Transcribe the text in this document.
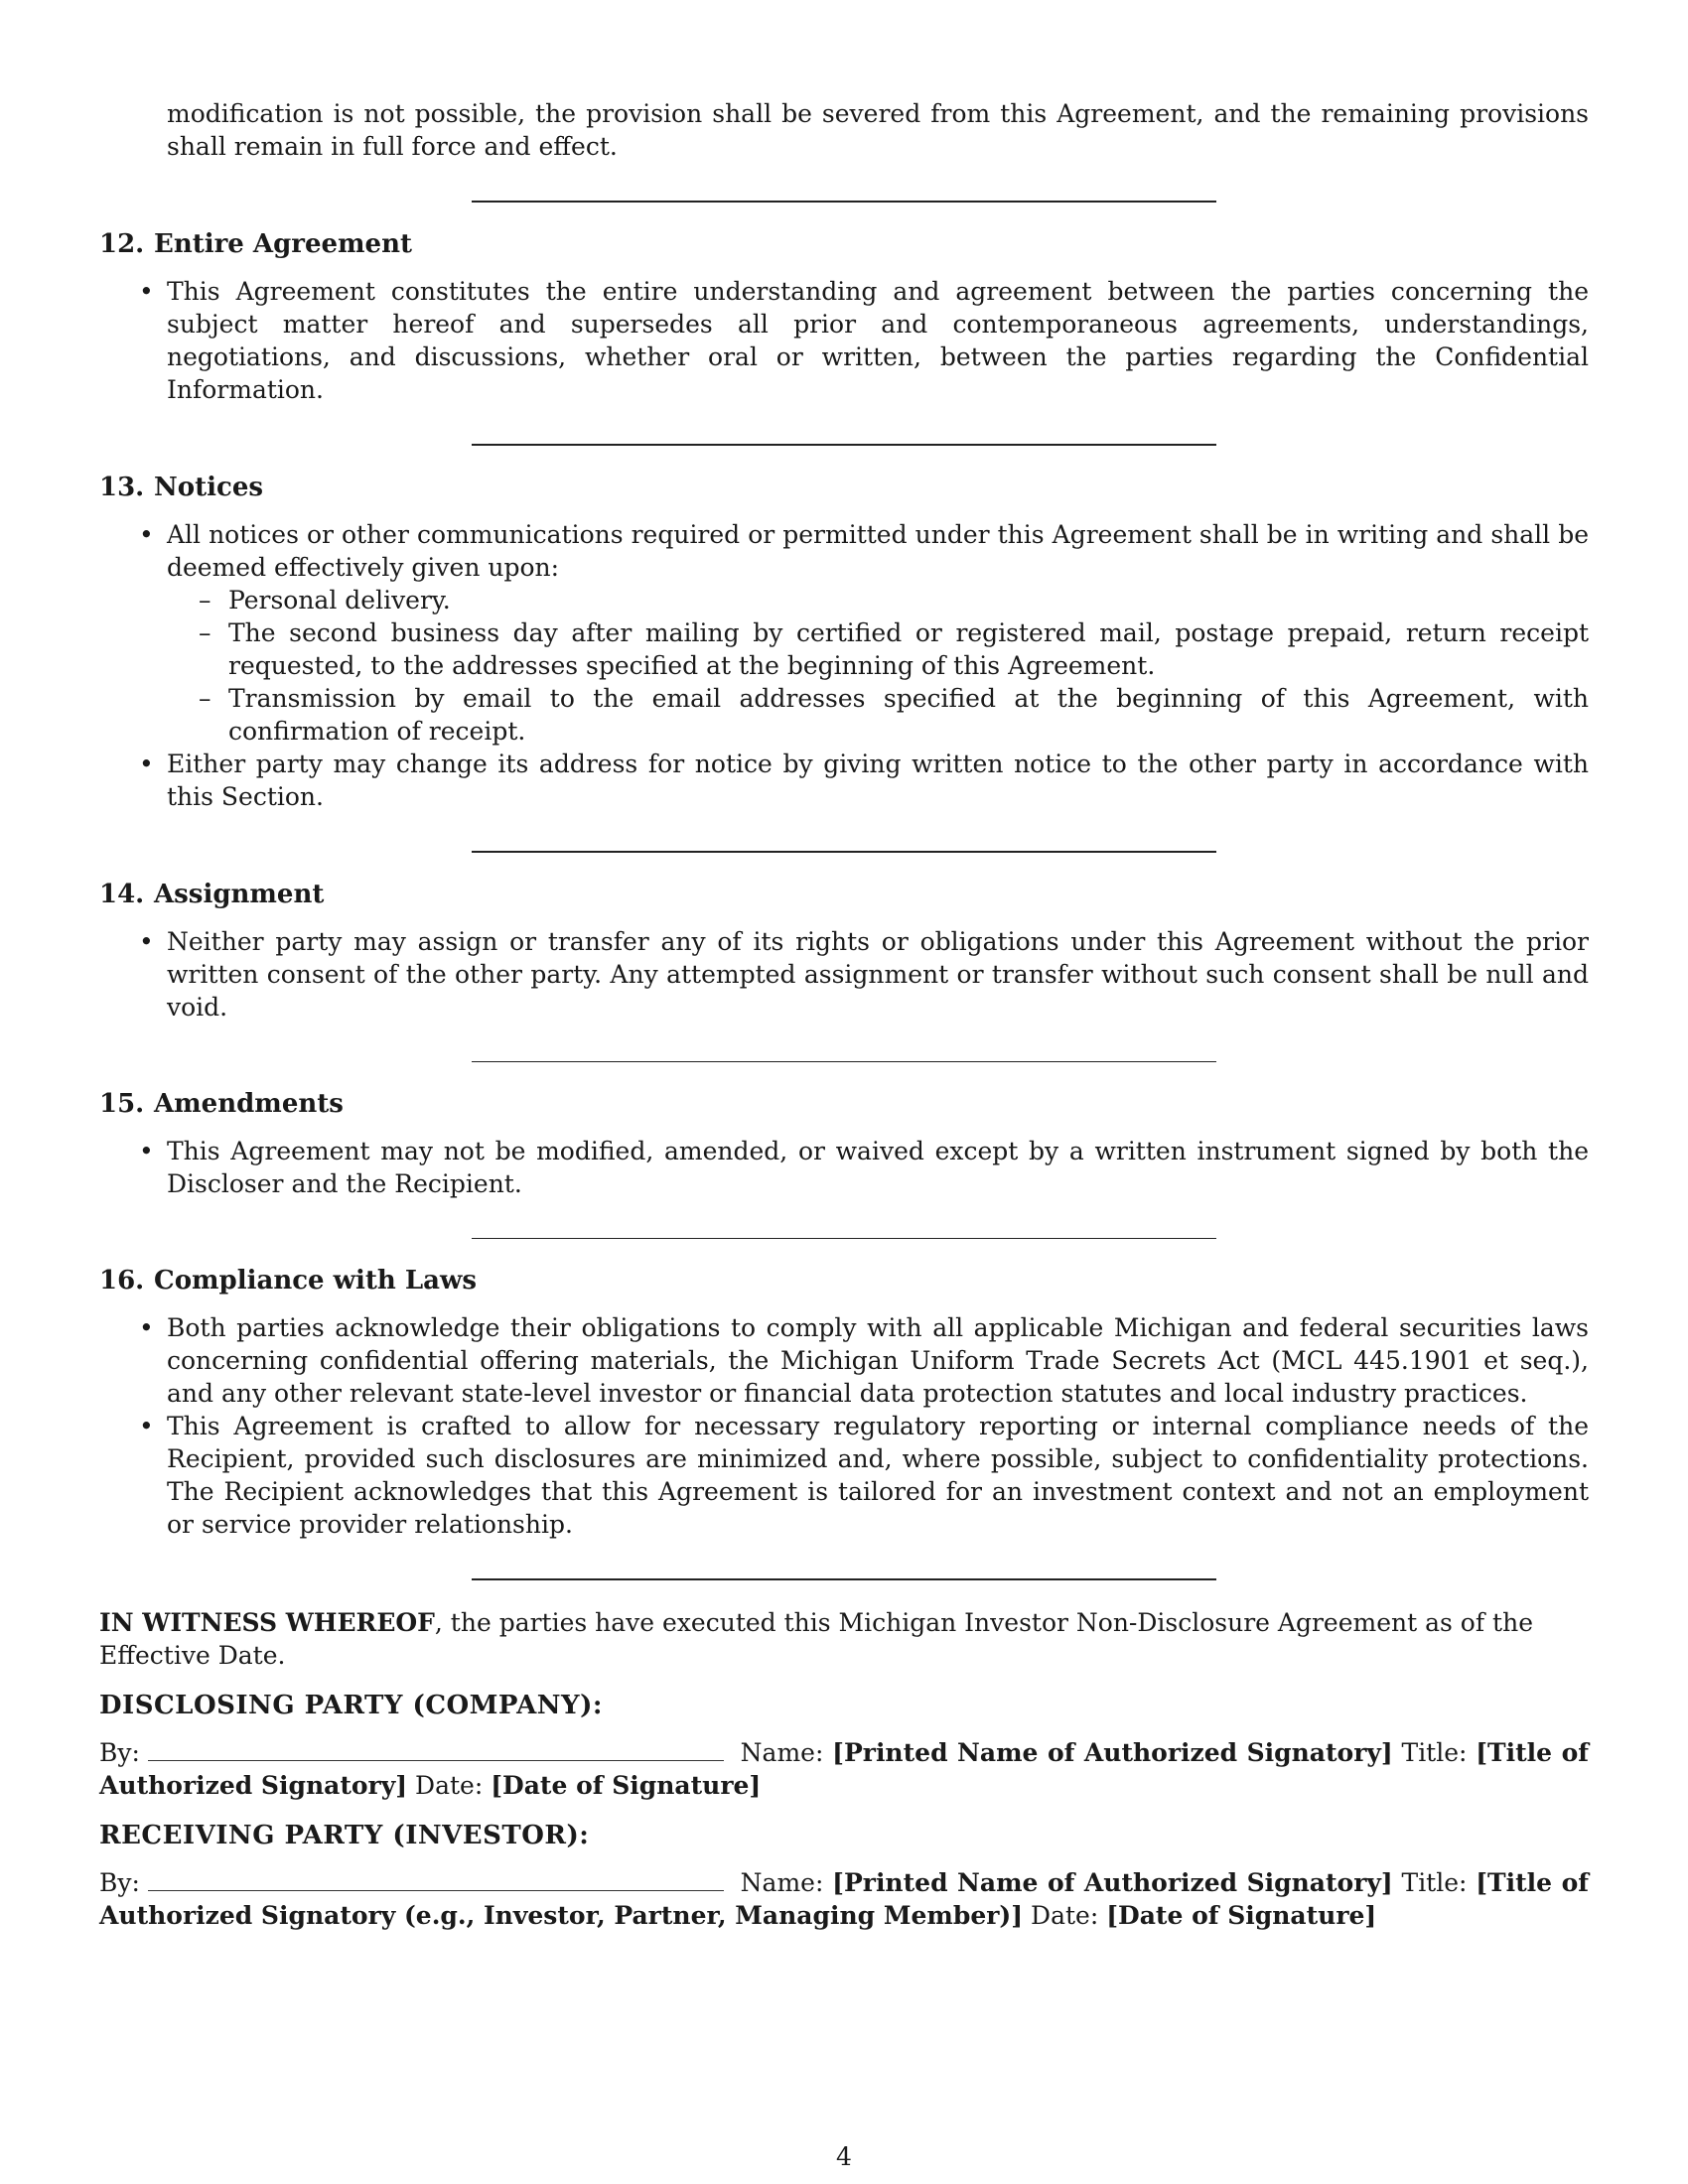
modification is not possible, the provision shall be severed from this Agreement, and the remaining provisions shall remain in full force and effect.
12. Entire Agreement
• This Agreement constitutes the entire understanding and agreement between the parties concerning the subject matter hereof and supersedes all prior and contemporaneous agreements, understandings, negotiations, and discussions, whether oral or written, between the parties regarding the Confidential Information.
13. Notices
• All notices or other communications required or permitted under this Agreement shall be in writing and shall be deemed effectively given upon:
– Personal delivery.
– The second business day after mailing by certified or registered mail, postage prepaid, return receipt requested, to the addresses specified at the beginning of this Agreement.
– Transmission by email to the email addresses specified at the beginning of this Agreement, with confirmation of receipt.
• Either party may change its address for notice by giving written notice to the other party in accordance with this Section.
14. Assignment
• Neither party may assign or transfer any of its rights or obligations under this Agreement without the prior written consent of the other party. Any attempted assignment or transfer without such consent shall be null and void.
15. Amendments
• This Agreement may not be modified, amended, or waived except by a written instrument signed by both the Discloser and the Recipient.
16. Compliance with Laws
• Both parties acknowledge their obligations to comply with all applicable Michigan and federal securities laws concerning confidential offering materials, the Michigan Uniform Trade Secrets Act (MCL 445.1901 et seq.), and any other relevant state-level investor or financial data protection statutes and local industry practices.
• This Agreement is crafted to allow for necessary regulatory reporting or internal compliance needs of the Recipient, provided such disclosures are minimized and, where possible, subject to confidentiality protections. The Recipient acknowledges that this Agreement is tailored for an investment context and not an employment or service provider relationship.
IN WITNESS WHEREOF, the parties have executed this Michigan Investor Non-Disclosure Agreement as of the Effective Date.
DISCLOSING PARTY (COMPANY):
By:	Name: [Printed Name of Authorized Signatory] Title: [Title of Authorized Signatory] Date: [Date of Signature]
RECEIVING PARTY (INVESTOR):
By:	Name: [Printed Name of Authorized Signatory] Title: [Title of Authorized Signatory (e.g., Investor, Partner, Managing Member)] Date: [Date of Signature]
4
